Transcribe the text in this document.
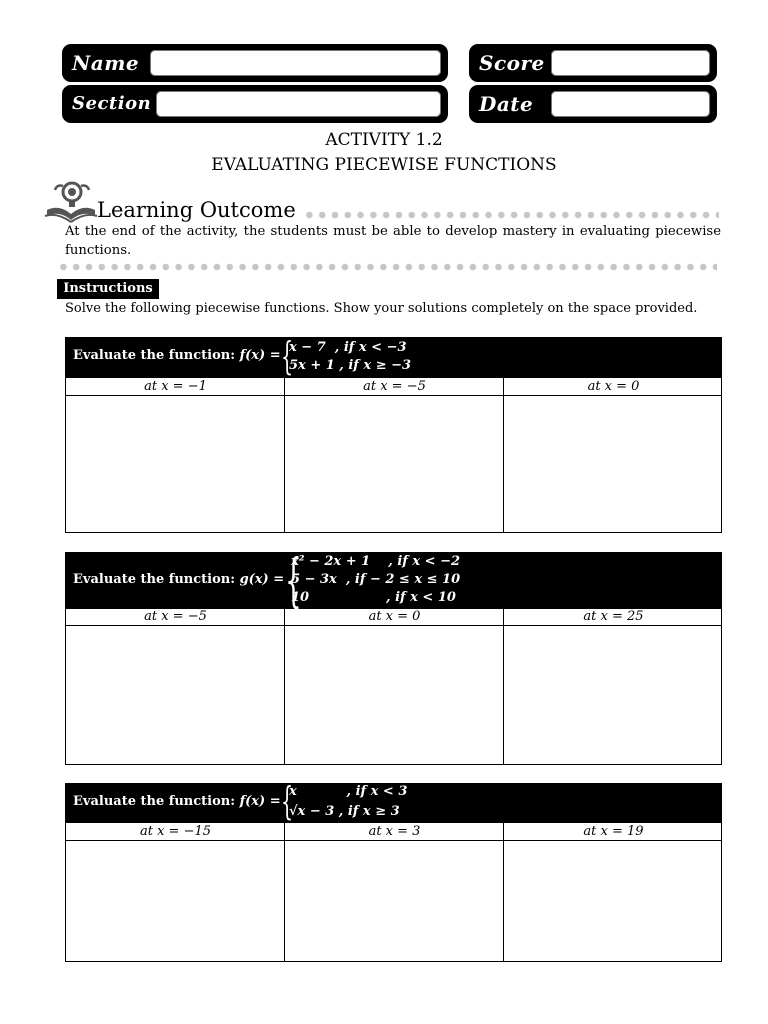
Name
Section
Score
Date
ACTIVITY 1.2
EVALUATING PIECEWISE FUNCTIONS
Learning Outcome
At the end of the activity, the students must be able to develop mastery in evaluating piecewise functions.
Instructions
Solve the following piecewise functions. Show your solutions completely on the space provided.
Evaluate the function: f(x) = {
x − 7  , if x < −3
5x + 1 , if x ≥ −3
at x = −1	at x = −5	at x = 0
Evaluate the function: g(x) = {
x² − 2x + 1    , if x < −2
5 − 3x  , if − 2 ≤ x ≤ 10
10                 , if x < 10
at x = −5	at x = 0	at x = 25
Evaluate the function: f(x) = {
x           , if x < 3
√x − 3 , if x ≥ 3
at x = −15	at x = 3	at x = 19
